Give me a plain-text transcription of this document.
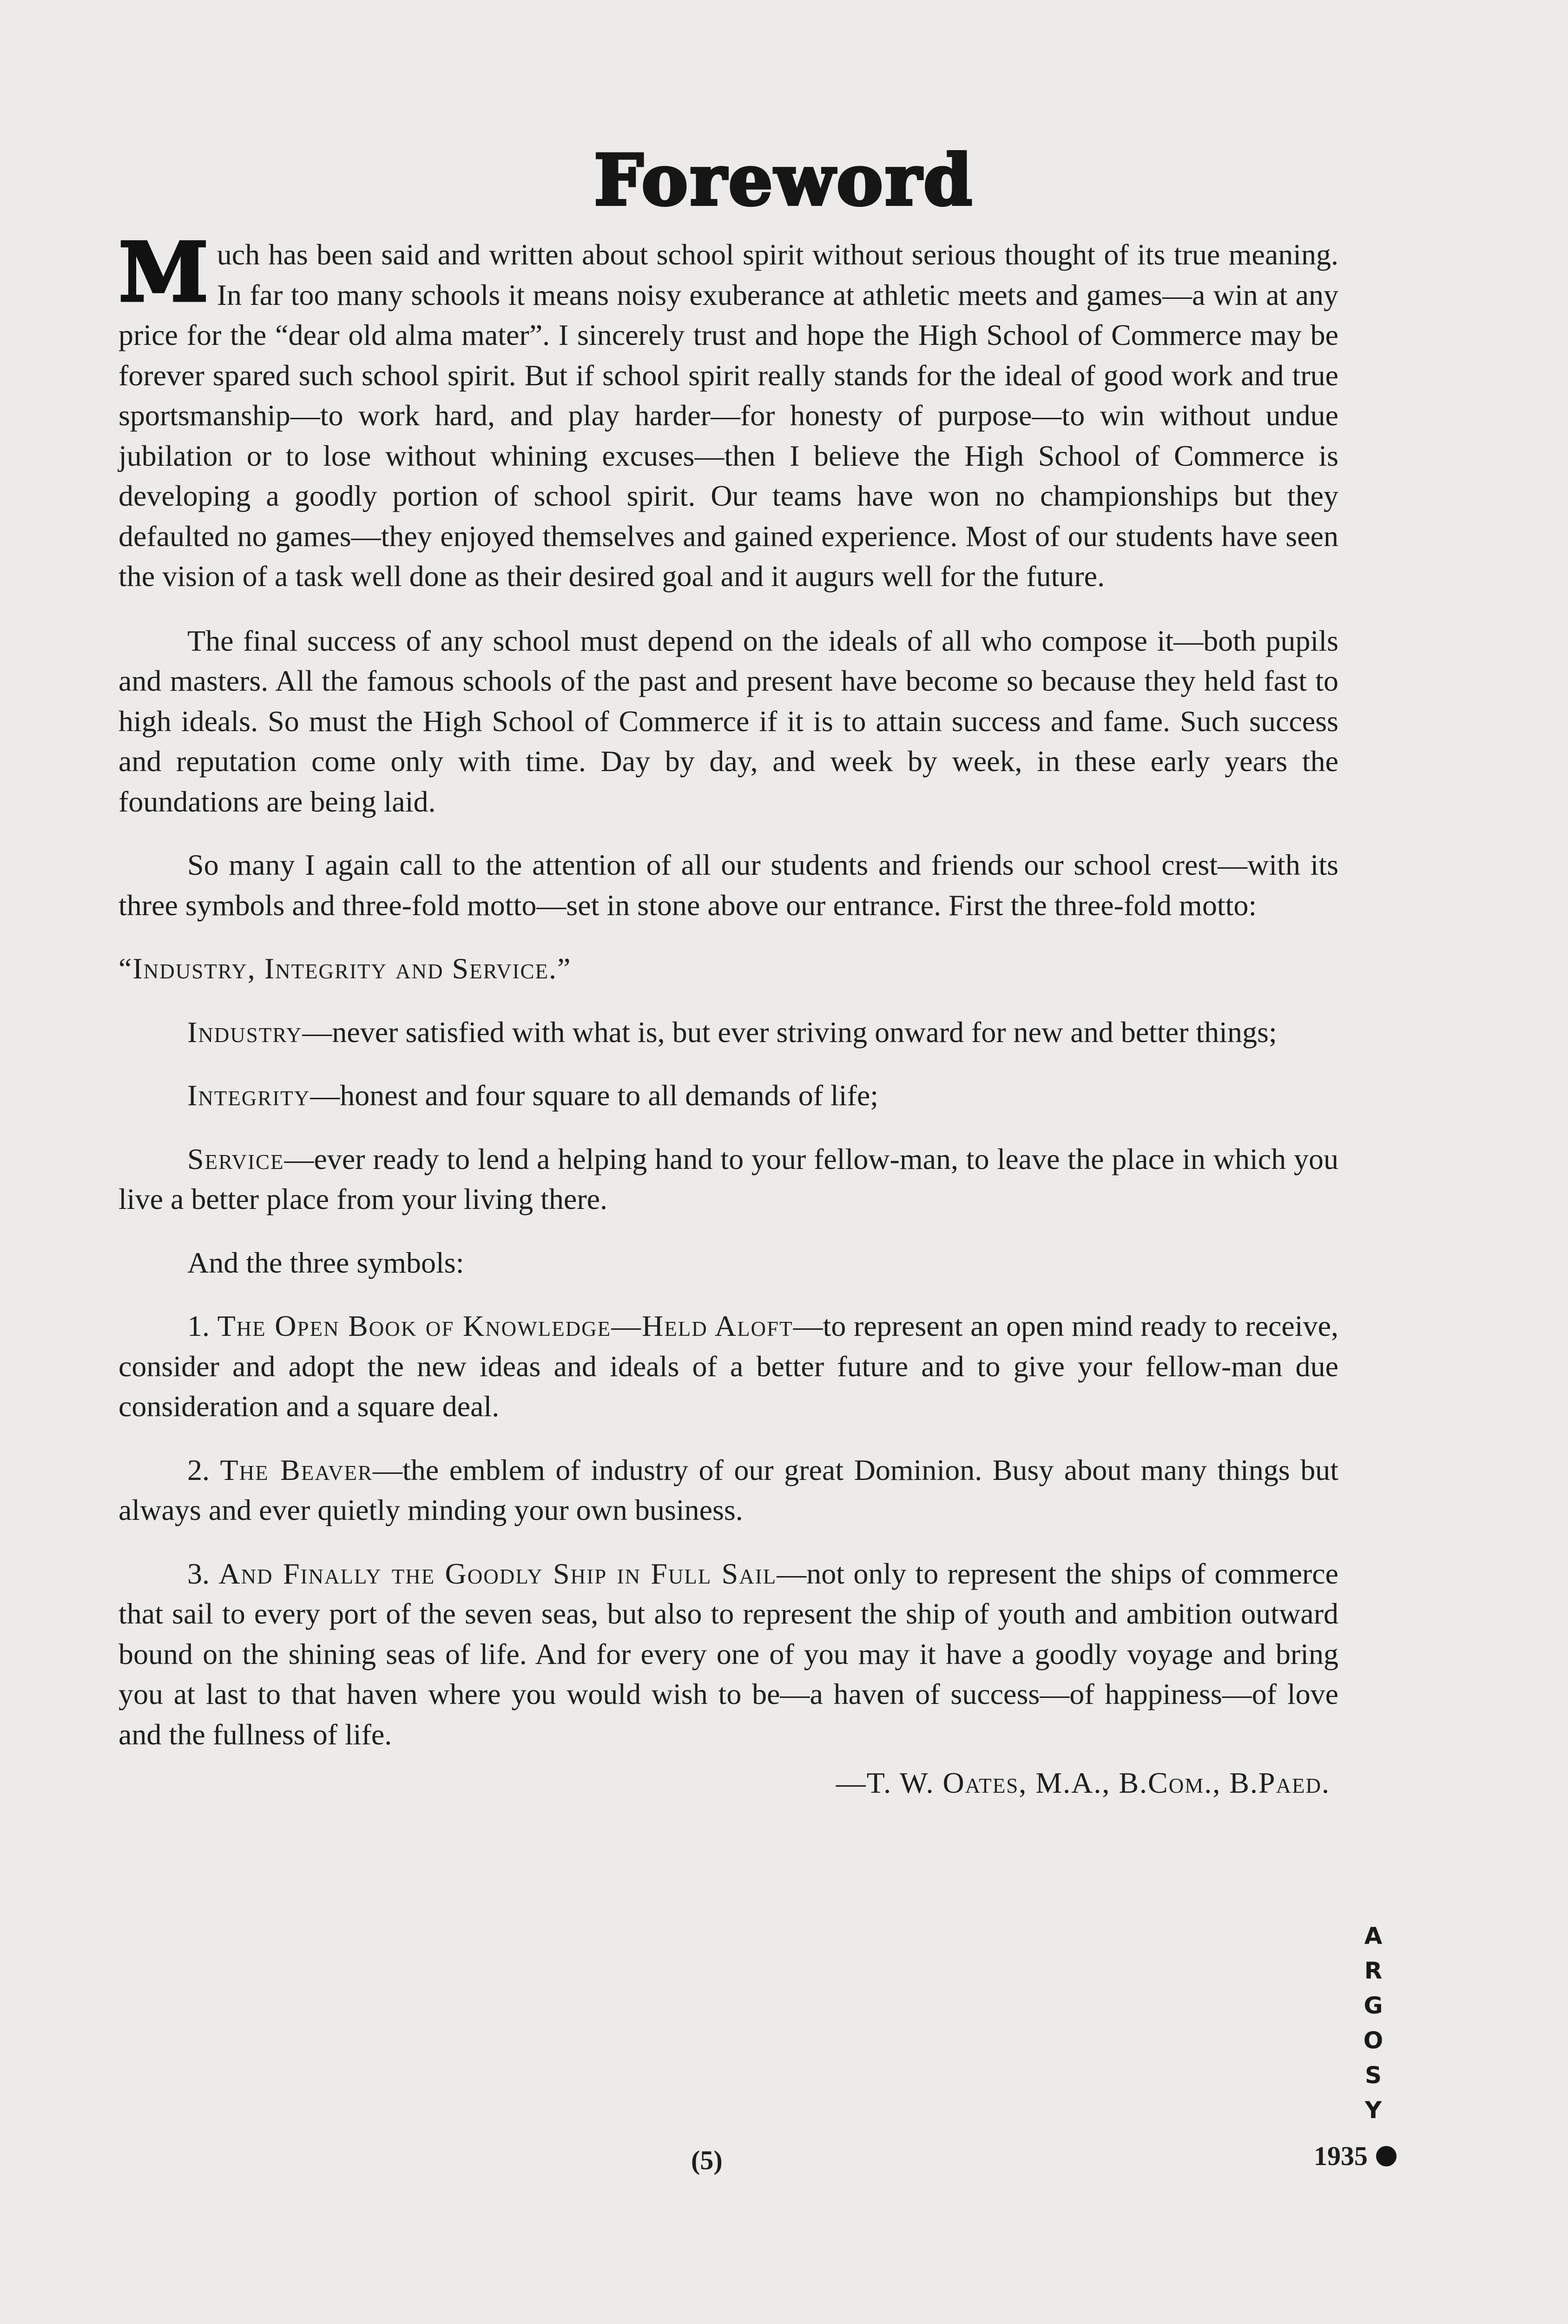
Foreword

Much has been said and written about school spirit without serious thought of its true meaning. In far too many schools it means noisy exuberance at athletic meets and games—a win at any price for the “dear old alma mater”. I sincerely trust and hope the High School of Commerce may be forever spared such school spirit. But if school spirit really stands for the ideal of good work and true sportsmanship—to work hard, and play harder—for honesty of purpose—to win without undue jubilation or to lose without whining excuses—then I believe the High School of Commerce is developing a goodly portion of school spirit. Our teams have won no championships but they defaulted no games—they enjoyed themselves and gained experience. Most of our students have seen the vision of a task well done as their desired goal and it augurs well for the future.

The final success of any school must depend on the ideals of all who compose it—both pupils and masters. All the famous schools of the past and present have become so because they held fast to high ideals. So must the High School of Commerce if it is to attain success and fame. Such success and reputation come only with time. Day by day, and week by week, in these early years the foundations are being laid.

So many I again call to the attention of all our students and friends our school crest—with its three symbols and three-fold motto—set in stone above our entrance. First the three-fold motto:

“Industry, Integrity and Service.”

Industry—never satisfied with what is, but ever striving onward for new and better things;

Integrity—honest and four square to all demands of life;

Service—ever ready to lend a helping hand to your fellow-man, to leave the place in which you live a better place from your living there.

And the three symbols:

1. The Open Book of Knowledge—Held Aloft—to represent an open mind ready to receive, consider and adopt the new ideas and ideals of a better future and to give your fellow-man due consideration and a square deal.

2. The Beaver—the emblem of industry of our great Dominion. Busy about many things but always and ever quietly minding your own business.

3. And Finally the Goodly Ship in Full Sail—not only to represent the ships of commerce that sail to every port of the seven seas, but also to represent the ship of youth and ambition outward bound on the shining seas of life. And for every one of you may it have a goodly voyage and bring you at last to that haven where you would wish to be—a haven of success—of happiness—of love and the fullness of life.

—T. W. Oates, M.A., B.Com., B.Paed.
A
R
G
O
S
Y
(5)	1935
